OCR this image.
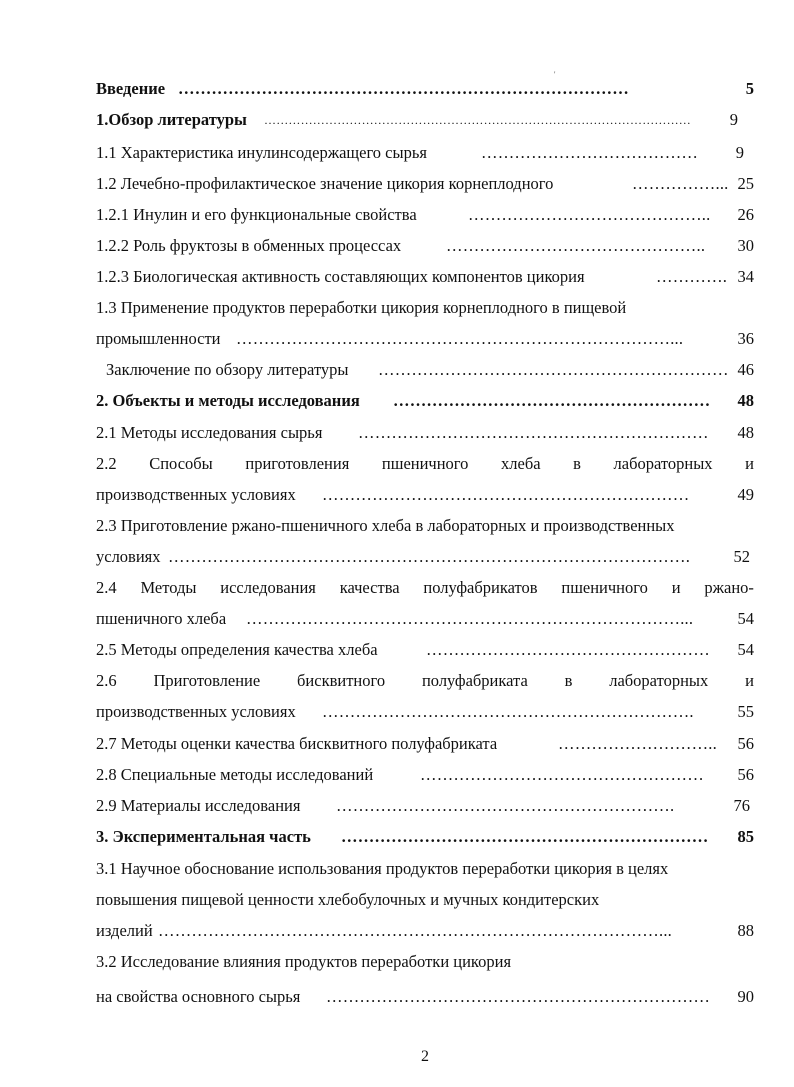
Введение ………………………………………………………………………	5
1.Обзор литературы …………………………………………………………………………………………… 9
1.1 Характеристика инулинсодержащего сырья	………………………………… 9
1.2 Лечебно-профилактическое значение цикория корнеплодного	……………... 25
1.2.1 Инулин и его функциональные свойства	…………………………………….. 26
1.2.2 Роль фруктозы в обменных процессах	……………………………………….. 30
1.2.3 Биологическая активность составляющих компонентов цикория	…………. 34
1.3 Применение продуктов переработки цикория корнеплодного в пищевой
промышленности ……………………………………………………………………...	36
Заключение по обзору литературы ……………………………………………………… 46
2. Объекты и методы исследования ………………………………………………… 48
2.1 Методы исследования сырья ……………………………………………………… 48
2.2 Способы приготовления пшеничного хлеба в лабораторных и
производственных условиях …………………………………………………………	49
2.3 Приготовление ржано-пшеничного хлеба в лабораторных и производственных
условиях ………………………………………………………………………………….	52
2.4 Методы исследования качества полуфабрикатов пшеничного и ржано-
пшеничного хлеба ……………………………………………………………………...	54
2.5 Методы определения качества хлеба	…………………………………………… 54
2.6 Приготовление бисквитного полуфабриката в лабораторных и
производственных условиях ………………………………………………………….	55
2.7 Методы оценки качества бисквитного полуфабриката	……………………….. 56
2.8 Специальные методы исследований	…………………………………………… 56
2.9 Материалы исследования …………………………………………………….	76
3. Экспериментальная часть ………………………………………………………… 85
3.1 Научное обоснование использования продуктов переработки цикория в целях
повышения пищевой ценности хлебобулочных и мучных кондитерских
изделий ………………………………………………………………………………...	88
3.2 Исследование влияния продуктов переработки цикория
на свойства основного сырья …………………………………………………………… 90
'
2
